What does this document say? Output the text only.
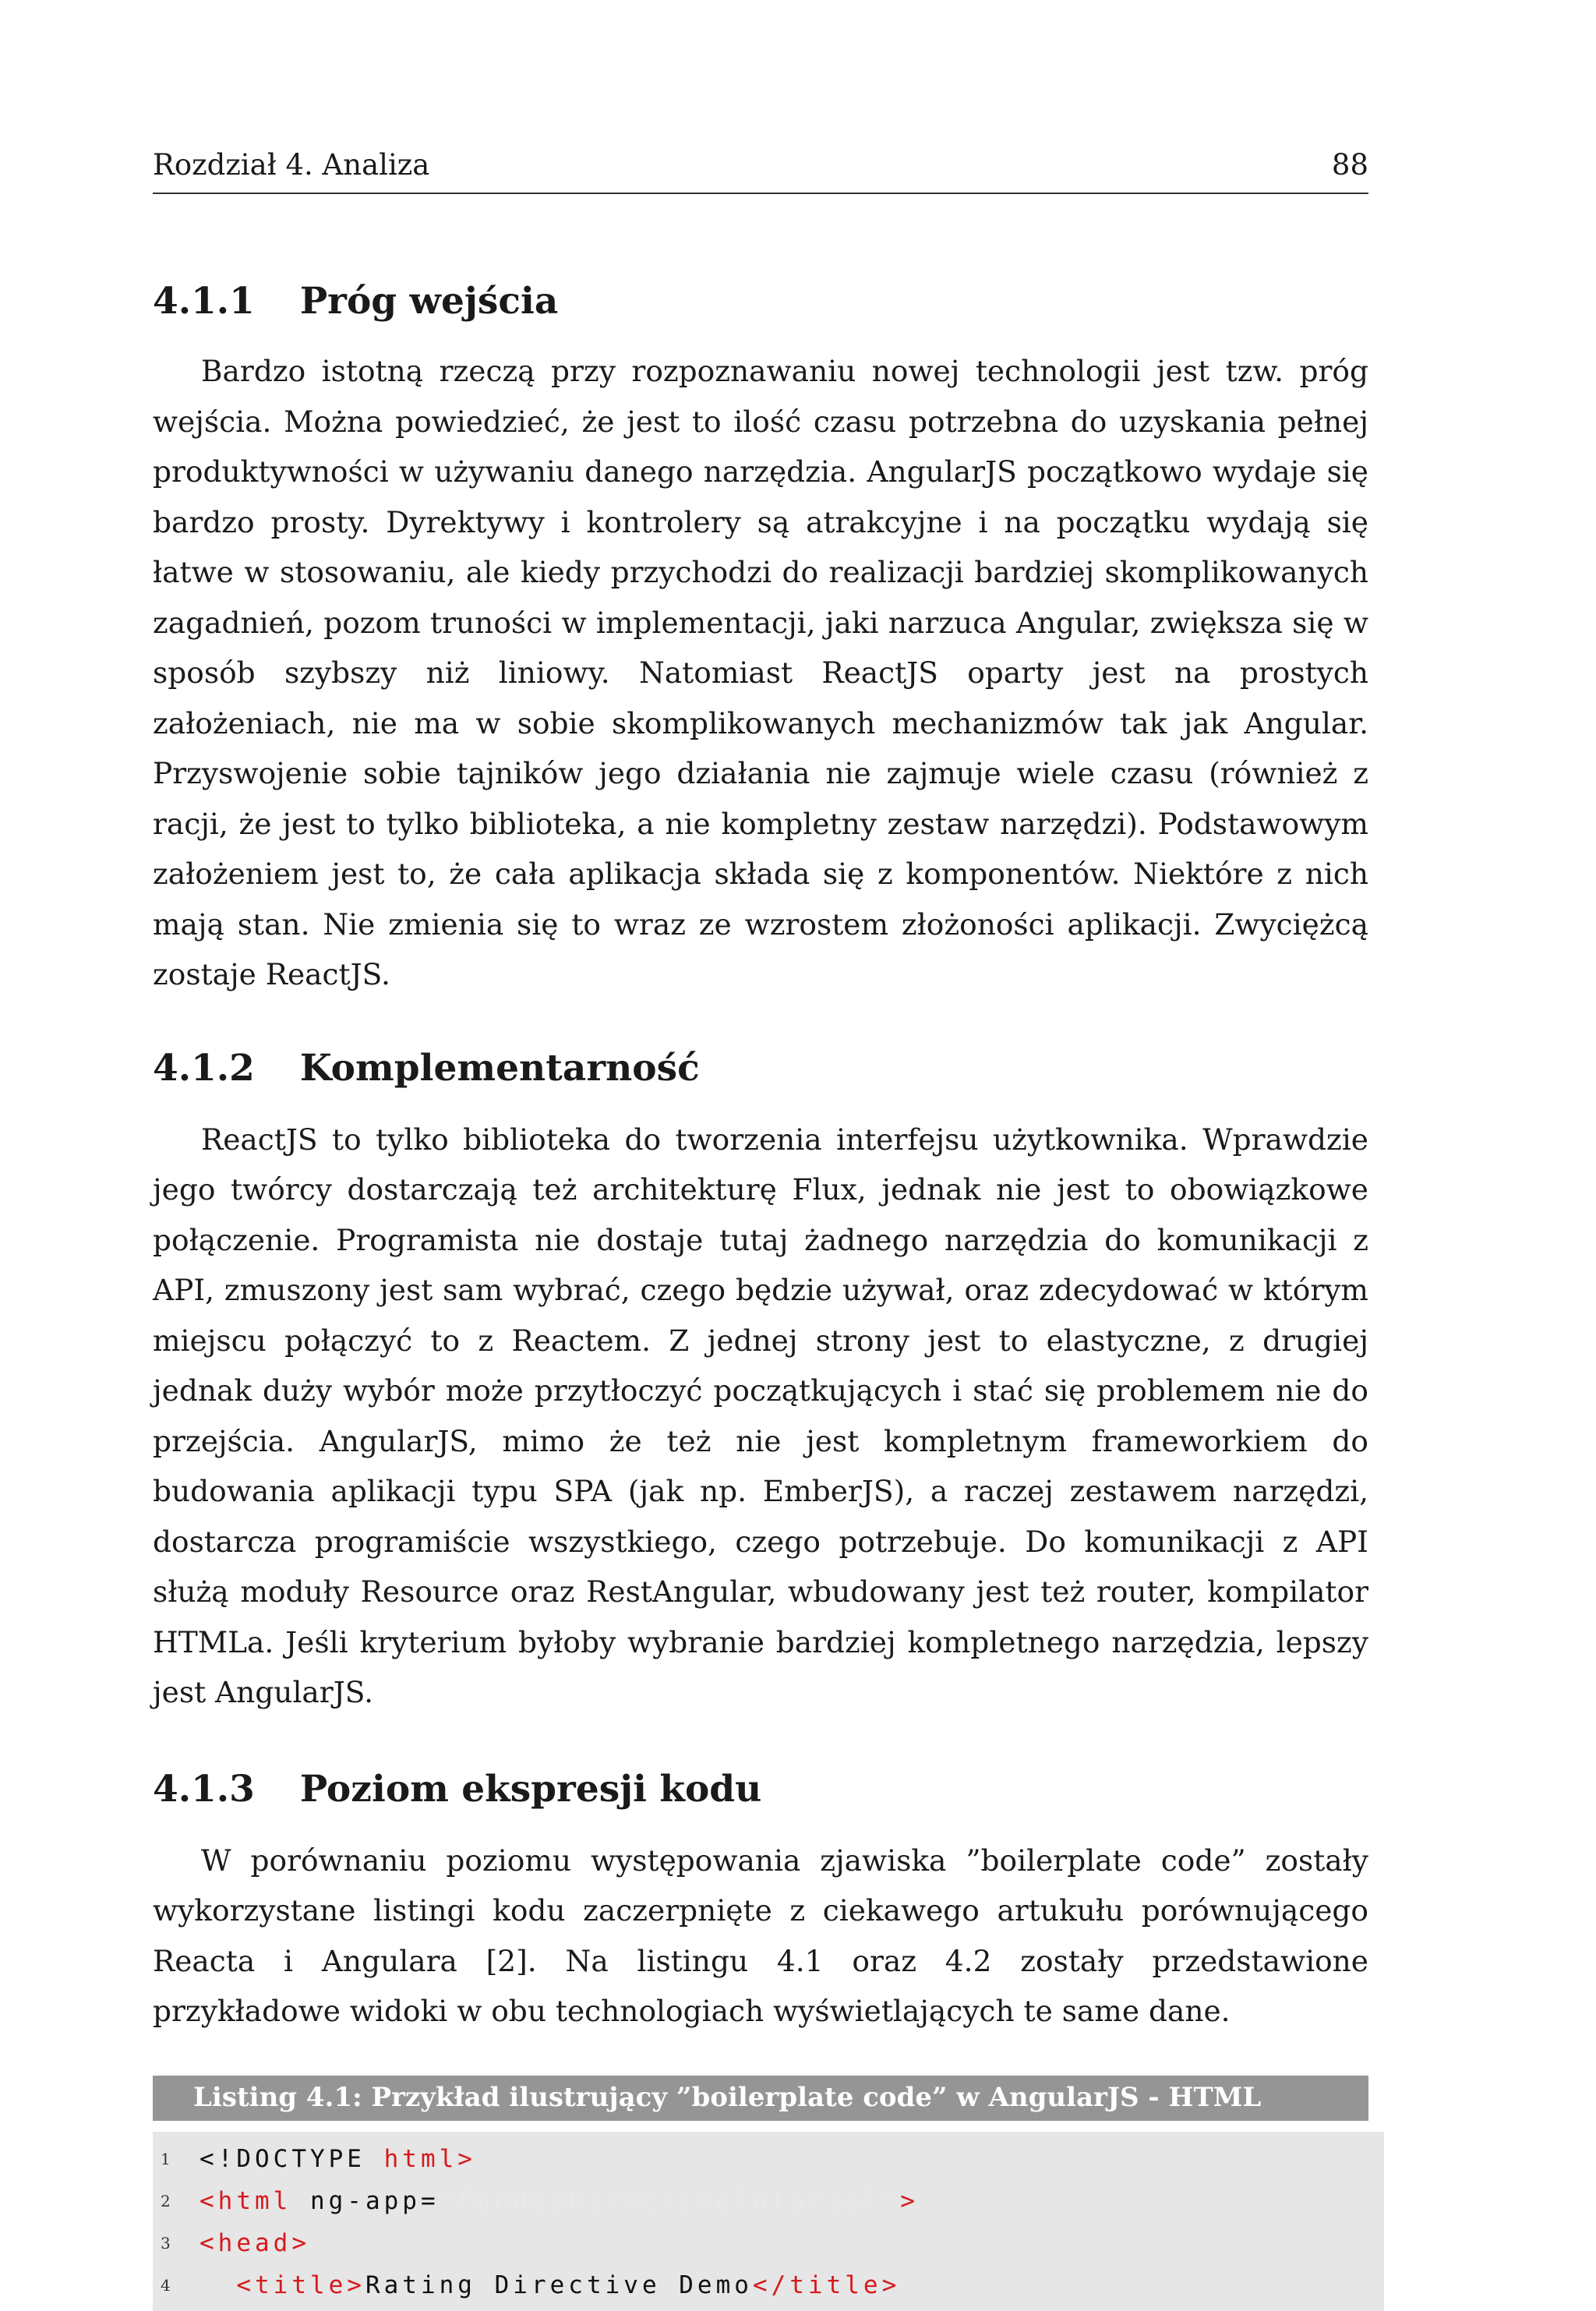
Rozdział 4. Analiza	88
4.1.1 Próg wejścia

Bardzo istotną rzeczą przy rozpoznawaniu nowej technologii jest tzw. próg wejścia. Można powiedzieć, że jest to ilość czasu potrzebna do uzyskania pełnej produktywności w używaniu danego narzędzia. AngularJS początkowo wydaje się bardzo prosty. Dyrektywy i kontrolery są atrakcyjne i na początku wydają się łatwe w stosowaniu, ale kiedy przychodzi do realizacji bardziej skomplikowanych zagadnień, pozom truności w implementacji, jaki narzuca Angular, zwiększa się w sposób szybszy niż liniowy. Natomiast ReactJS oparty jest na prostych założeniach, nie ma w sobie skomplikowanych mechanizmów tak jak Angular. Przyswojenie sobie tajników jego działania nie zajmuje wiele czasu (również z racji, że jest to tylko biblioteka, a nie kompletny zestaw narzędzi). Podstawowym założeniem jest to, że cała aplikacja składa się z komponentów. Niektóre z nich mają stan. Nie zmienia się to wraz ze wzrostem złożoności aplikacji. Zwyciężcą zostaje ReactJS.

4.1.2 Komplementarność

ReactJS to tylko biblioteka do tworzenia interfejsu użytkownika. Wprawdzie jego twórcy dostarczają też architekturę Flux, jednak nie jest to obowiązkowe połączenie. Programista nie dostaje tutaj żadnego narzędzia do komunikacji z API, zmuszony jest sam wybrać, czego będzie używał, oraz zdecydować w którym miejscu połączyć to z Reactem. Z jednej strony jest to elastyczne, z drugiej jednak duży wybór może przytłoczyć początkujących i stać się problemem nie do przejścia. AngularJS, mimo że też nie jest kompletnym frameworkiem do budowania aplikacji typu SPA (jak np. EmberJS), a raczej zestawem narzędzi, dostarcza programiście wszystkiego, czego potrzebuje. Do komunikacji z API służą moduły Resource oraz RestAngular, wbudowany jest też router, kompilator HTMLa. Jeśli kryterium byłoby wybranie bardziej kompletnego narzędzia, lepszy jest AngularJS.

4.1.3 Poziom ekspresji kodu

W porównaniu poziomu występowania zjawiska ”boilerplate code” zostały wykorzystane listingi kodu zaczerpnięte z ciekawego artukułu porównującego Reacta i Angulara [2]. Na listingu 4.1 oraz 4.2 zostały przedstawione przykładowe widoki w obu technologiach wyświetlających te same dane.

Listing 4.1: Przykład ilustrujący ”boilerplate code” w AngularJS - HTML
1	<!DOCTYPE html>
2	<html ng-app= "FundooDirectiveTutorial" >
3	<head>
4	<title> Rating Directive Demo </title>
